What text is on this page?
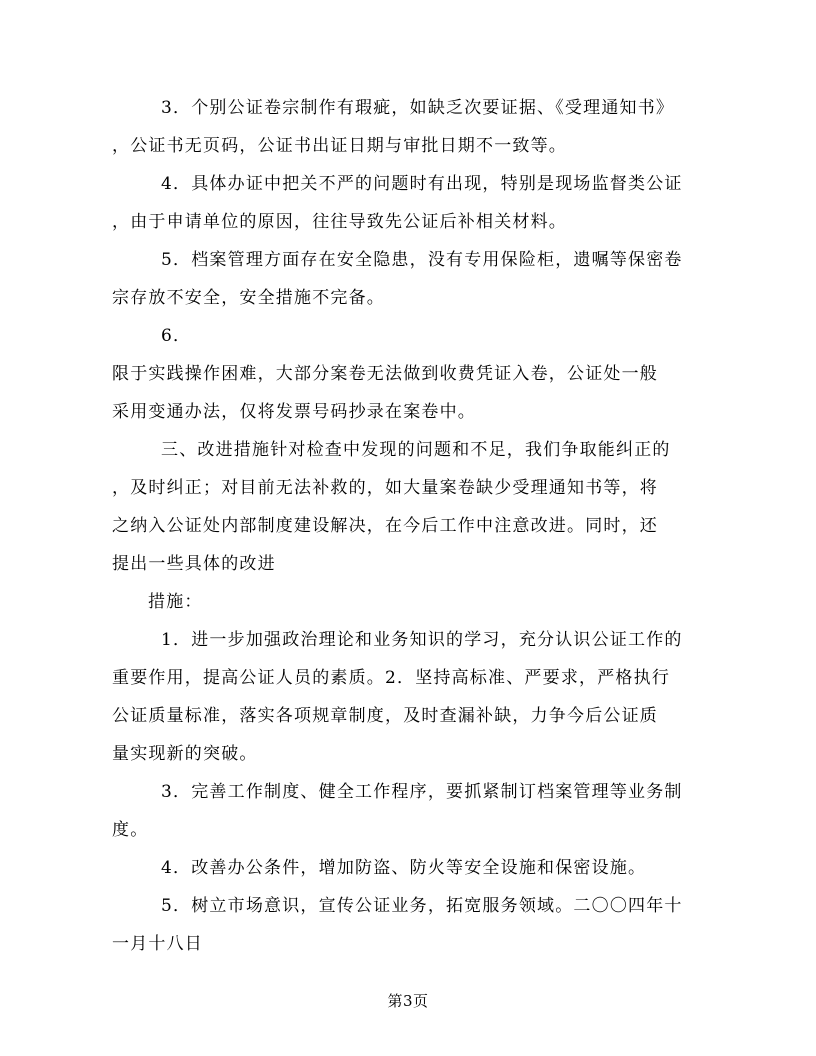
3．个别公证卷宗制作有瑕疵，如缺乏次要证据、《受理通知书》
，公证书无页码，公证书出证日期与审批日期不一致等。
4．具体办证中把关不严的问题时有出现，特别是现场监督类公证
，由于申请单位的原因，往往导致先公证后补相关材料。
5．档案管理方面存在安全隐患，没有专用保险柜，遗嘱等保密卷
宗存放不安全，安全措施不完备。
6．
限于实践操作困难，大部分案卷无法做到收费凭证入卷，公证处一般
采用变通办法，仅将发票号码抄录在案卷中。
三、改进措施针对检查中发现的问题和不足，我们争取能纠正的
，及时纠正；对目前无法补救的，如大量案卷缺少受理通知书等，将
之纳入公证处内部制度建设解决，在今后工作中注意改进。同时，还
提出一些具体的改进
措施：
1．进一步加强政治理论和业务知识的学习，充分认识公证工作的
重要作用，提高公证人员的素质。2．坚持高标准、严要求，严格执行
公证质量标准，落实各项规章制度，及时查漏补缺，力争今后公证质
量实现新的突破。
3．完善工作制度、健全工作程序，要抓紧制订档案管理等业务制
度。
4．改善办公条件，增加防盗、防火等安全设施和保密设施。
5．树立市场意识，宣传公证业务，拓宽服务领域。二〇〇四年十
一月十八日
第3页
